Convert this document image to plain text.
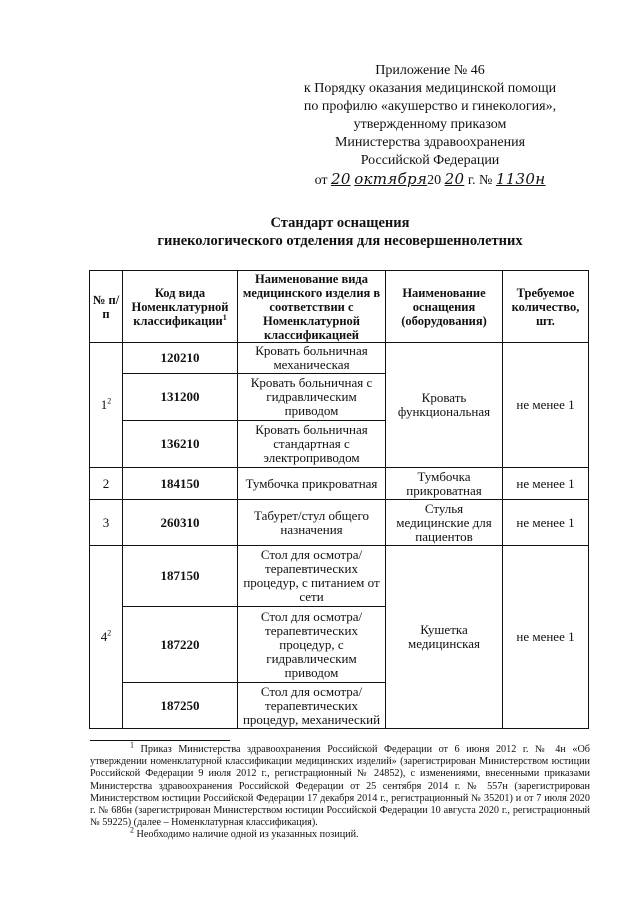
Приложение № 46
к Порядку оказания медицинской помощи
по профилю «акушерство и гинекология»,
утвержденному приказом
Министерства здравоохранения
Российской Федерации
от 20 октября20 20 г. № 1130н
Стандарт оснащения
гинекологического отделения для несовершеннолетних
№ п/п	Код вида Номенклатурной классификации$^1$	Наименование вида медицинского изделия в соответствии с Номенклатурной классификацией	Наименование оснащения (оборудования)	Требуемое количество, шт.
$1^2$	120210	Кровать больничная механическая	Кровать функциональная	не менее 1
	131200	Кровать больничная с гидравлическим приводом		
	136210	Кровать больничная стандартная с электроприводом		
2	184150	Тумбочка прикроватная	Тумбочка прикроватная	не менее 1
3	260310	Табурет/стул общего назначения	Стулья медицинские для пациентов	не менее 1
$4^2$	187150	Стол для осмотра/терапевтических процедур, с питанием от сети	Кушетка медицинская	не менее 1
	187220	Стол для осмотра/терапевтических процедур, с гидравлическим приводом		
	187250	Стол для осмотра/терапевтических процедур, механический		

$^1$ Приказ Министерства здравоохранения Российской Федерации от 6 июня 2012 г. № 4н «Об утверждении номенклатурной классификации медицинских изделий» (зарегистрирован Министерством юстиции Российской Федерации 9 июля 2012 г., регистрационный № 24852), с изменениями, внесенными приказами Министерства здравоохранения Российской Федерации от 25 сентября 2014 г. № 557н (зарегистрирован Министерством юстиции Российской Федерации 17 декабря 2014 г., регистрационный № 35201) и от 7 июля 2020 г. № 686н (зарегистрирован Министерством юстиции Российской Федерации 10 августа 2020 г., регистрационный № 59225) (далее – Номенклатурная классификация).

$^2$ Необходимо наличие одной из указанных позиций.
